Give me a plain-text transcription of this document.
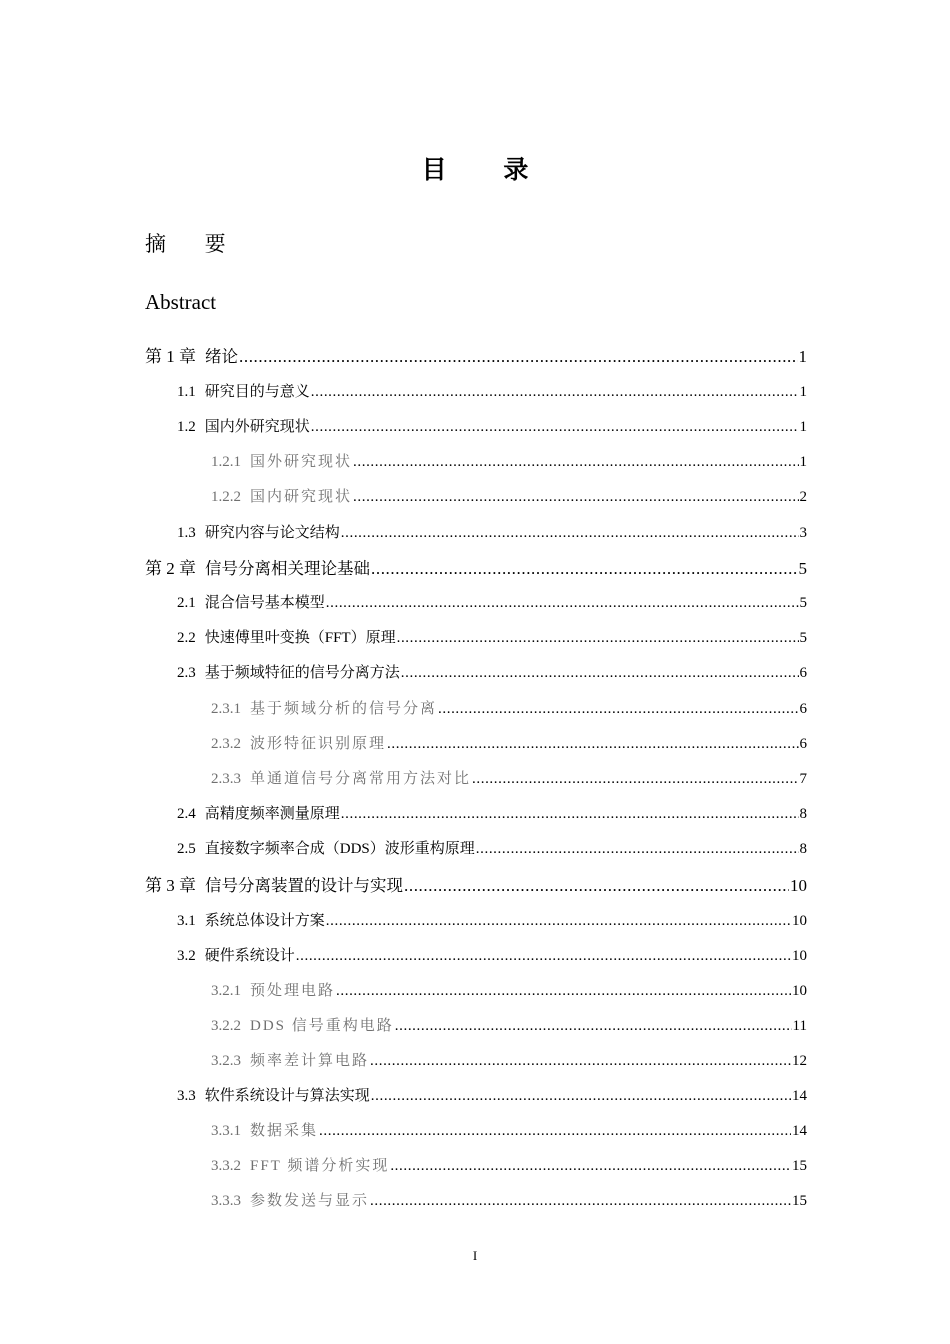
目 录
摘 要
Abstract
第 1 章 绪论 .....	1
1.1 研究目的与意义 .....	1
1.2 国内外研究现状 .....	1
1.2.1 国外研究现状 .....	1
1.2.2 国内研究现状 .....	2
1.3 研究内容与论文结构 .....	3
第 2 章 信号分离相关理论基础 .....	5
2.1 混合信号基本模型 .....	5
2.2 快速傅里叶变换（FFT）原理 .....	5
2.3 基于频域特征的信号分离方法 .....	6
2.3.1 基于频域分析的信号分离 .....	6
2.3.2 波形特征识别原理 .....	6
2.3.3 单通道信号分离常用方法对比 .....	7
2.4 高精度频率测量原理 .....	8
2.5 直接数字频率合成（DDS）波形重构原理 .....	8
第 3 章 信号分离装置的设计与实现 .....	10
3.1 系统总体设计方案 .....	10
3.2 硬件系统设计 .....	10
3.2.1 预处理电路 .....	10
3.2.2 DDS 信号重构电路 .....	11
3.2.3 频率差计算电路 .....	12
3.3 软件系统设计与算法实现 .....	14
3.3.1 数据采集 .....	14
3.3.2 FFT 频谱分析实现 .....	15
3.3.3 参数发送与显示 .....	15
I
